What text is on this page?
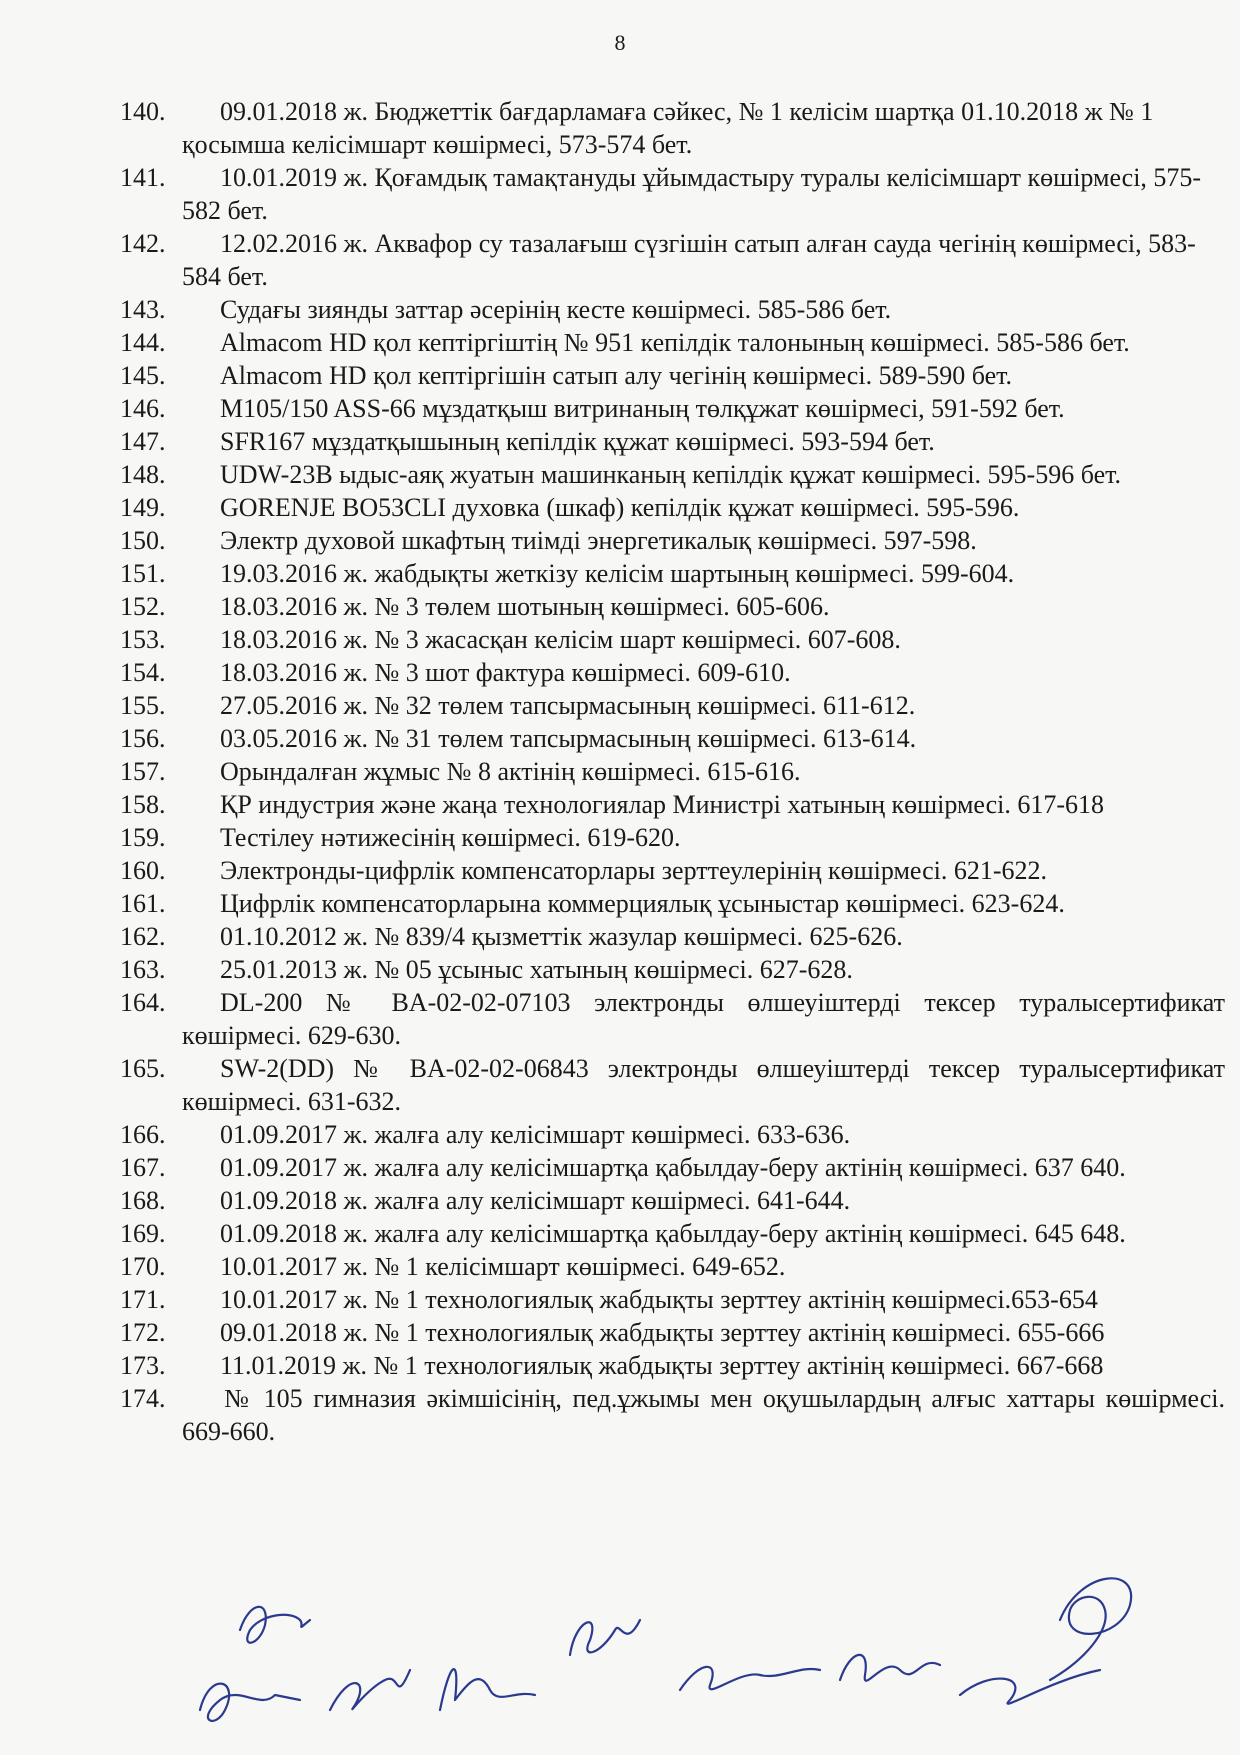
8
140. 09.01.2018 ж. Бюджеттік бағдарламаға сәйкес, № 1 келісім шартқа 01.10.2018 ж № 1 қосымша келісімшарт көшірмесі, 573-574 бет.
141. 10.01.2019 ж. Қоғамдық тамақтануды ұйымдастыру туралы келісімшарт көшірмесі, 575-582 бет.
142. 12.02.2016 ж. Аквафор су тазалағыш сүзгішін сатып алған сауда чегінің көшірмесі, 583-584 бет.
143. Судағы зиянды заттар әсерінің кесте көшірмесі. 585-586 бет.
144. Almacom HD қол кептіргіштің № 951 кепілдік талонының көшірмесі. 585-586 бет.
145. Almacom HD қол кептіргішін сатып алу чегінің көшірмесі. 589-590 бет.
146. M105/150 ASS-66 мұздатқыш витринаның төлқұжат көшірмесі, 591-592 бет.
147. SFR167 мұздатқышының кепілдік құжат көшірмесі. 593-594 бет.
148. UDW-23B ыдыс-аяқ жуатын машинканың кепілдік құжат көшірмесі. 595-596 бет.
149. GORENJE BO53CLI духовка (шкаф) кепілдік құжат көшірмесі. 595-596.
150. Электр духовой шкафтың тиімді энергетикалық көшірмесі. 597-598.
151. 19.03.2016 ж. жабдықты жеткізу келісім шартының көшірмесі. 599-604.
152. 18.03.2016 ж. № 3 төлем шотының көшірмесі. 605-606.
153. 18.03.2016 ж. № 3 жасасқан келісім шарт көшірмесі. 607-608.
154. 18.03.2016 ж. № 3 шот фактура көшірмесі. 609-610.
155. 27.05.2016 ж. № 32 төлем тапсырмасының көшірмесі. 611-612.
156. 03.05.2016 ж. № 31 төлем тапсырмасының көшірмесі. 613-614.
157. Орындалған жұмыс № 8 актінің көшірмесі. 615-616.
158. ҚР индустрия және жаңа технологиялар Министрі хатының көшірмесі. 617-618
159. Тестілеу нәтижесінің көшірмесі. 619-620.
160. Электронды-цифрлік компенсаторлары зерттеулерінің көшірмесі. 621-622.
161. Цифрлік компенсаторларына коммерциялық ұсыныстар көшірмесі. 623-624.
162. 01.10.2012 ж. № 839/4 қызметтік жазулар көшірмесі. 625-626.
163. 25.01.2013 ж. № 05 ұсыныс хатының көшірмесі. 627-628.
164. DL-200 № BA-02-02-07103 электронды өлшеуіштерді тексер туралысертификат көшірмесі. 629-630.
165. SW-2(DD) № BA-02-02-06843 электронды өлшеуіштерді тексер туралысертификат көшірмесі. 631-632.
166. 01.09.2017 ж. жалға алу келісімшарт көшірмесі. 633-636.
167. 01.09.2017 ж. жалға алу келісімшартқа қабылдау-беру актінің көшірмесі. 637 640.
168. 01.09.2018 ж. жалға алу келісімшарт көшірмесі. 641-644.
169. 01.09.2018 ж. жалға алу келісімшартқа қабылдау-беру актінің көшірмесі. 645 648.
170. 10.01.2017 ж. № 1 келісімшарт көшірмесі. 649-652.
171. 10.01.2017 ж. № 1 технологиялық жабдықты зерттеу актінің көшірмесі.653-654
172. 09.01.2018 ж. № 1 технологиялық жабдықты зерттеу актінің көшірмесі. 655-666
173. 11.01.2019 ж. № 1 технологиялық жабдықты зерттеу актінің көшірмесі. 667-668
174. № 105 гимназия әкімшісінің, пед.ұжымы мен оқушылардың алғыс хаттары көшірмесі. 669-660.
